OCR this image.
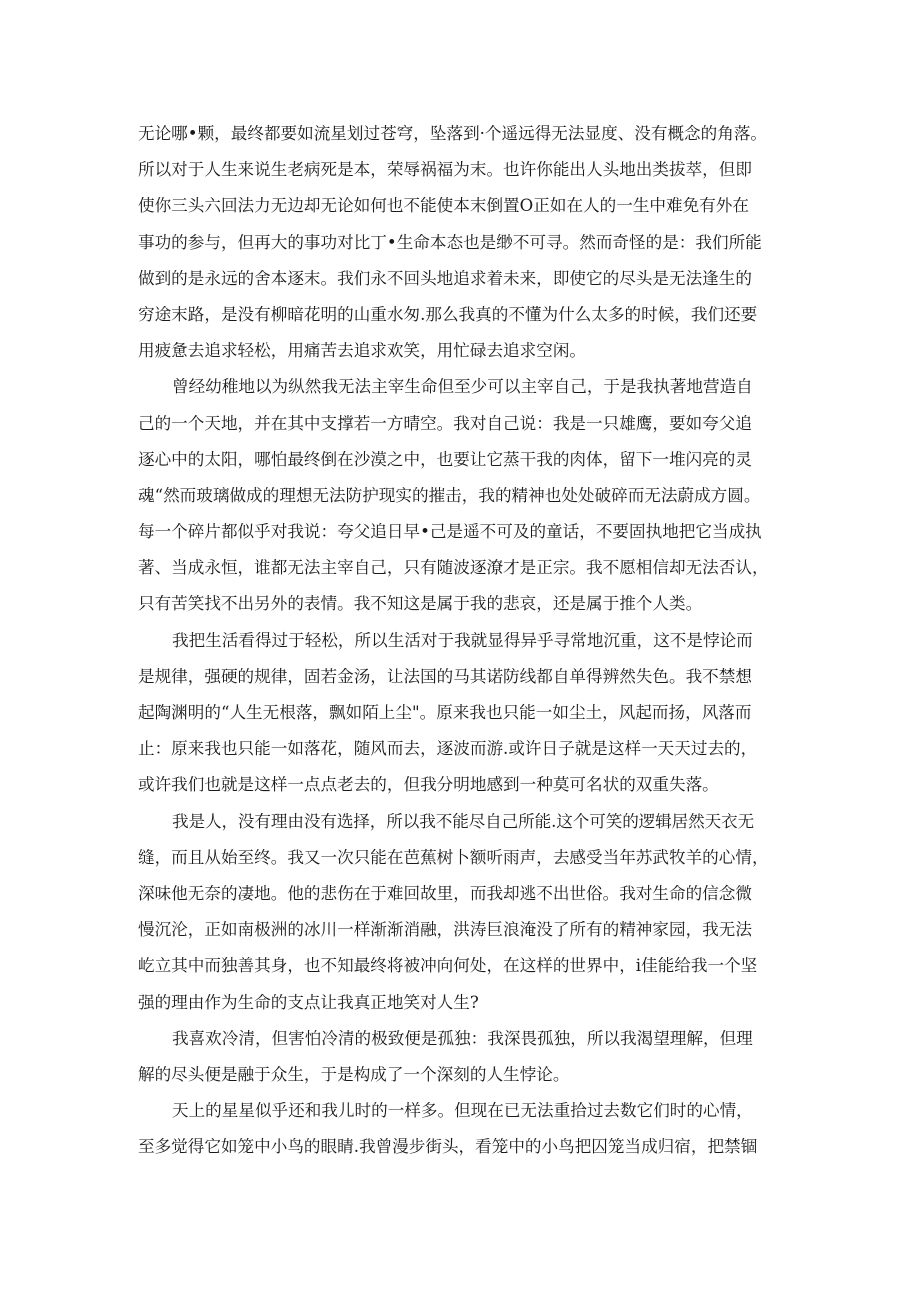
无论哪•颗，最终都要如流星划过苍穹，坠落到·个遥远得无法显度、没有概念的角落。
所以对于人生来说生老病死是本，荣辱祸福为末。也许你能出人头地出类拔萃，但即
使你三头六回法力无边却无论如何也不能使本末倒置O正如在人的一生中难免有外在
事功的参与，但再大的事功对比丁•生命本态也是缈不可寻。然而奇怪的是：我们所能
做到的是永远的舍本逐末。我们永不回头地追求着未来，即使它的尽头是无法逢生的
穷途末路，是没有柳暗花明的山重水匆.那么我真的不懂为什么太多的时候，我们还要
用疲惫去追求轻松，用痛苦去追求欢笑，用忙碌去追求空闲。
曾经幼稚地以为纵然我无法主宰生命但至少可以主宰自己，于是我执著地营造自
己的一个天地，并在其中支撑若一方晴空。我对自己说：我是一只雄鹰，要如夸父追
逐心中的太阳，哪怕最终倒在沙漠之中，也要让它蒸干我的肉体，留下一堆闪亮的灵
魂“然而玻璃做成的理想无法防护现实的摧击，我的精神也处处破碎而无法蔚成方圆。
每一个碎片都似乎对我说：夸父追日早•己是遥不可及的童话，不要固执地把它当成执
著、当成永恒，谁都无法主宰自己，只有随波逐潦才是正宗。我不愿相信却无法否认，
只有苦笑找不出另外的表情。我不知这是属于我的悲哀，还是属于推个人类。
我把生活看得过于轻松，所以生活对于我就显得异乎寻常地沉重，这不是悖论而
是规律，强硬的规律，固若金汤，让法国的马其诺防线都自单得辨然失色。我不禁想
起陶渊明的“人生无根落，飘如陌上尘"。原来我也只能一如尘土，风起而扬，风落而
止：原来我也只能一如落花，随风而去，逐波而游.或许日子就是这样一天天过去的，
或许我们也就是这样一点点老去的，但我分明地感到一种莫可名状的双重失落。
我是人，没有理由没有选择，所以我不能尽自己所能.这个可笑的逻辑居然天衣无
缝，而且从始至终。我又一次只能在芭蕉树卜额听雨声，去感受当年苏武牧羊的心情，
深味他无奈的凄地。他的悲伤在于难回故里，而我却逃不出世俗。我对生命的信念微
慢沉沦，正如南极洲的冰川一样渐渐消融，洪涛巨浪淹没了所有的精神家园，我无法
屹立其中而独善其身，也不知最终将被冲向何处，在这样的世界中，i佳能给我一个坚
强的理由作为生命的支点让我真正地笑对人生?
我喜欢冷清，但害怕冷清的极致便是孤独：我深畏孤独，所以我渴望理解，但理
解的尽头便是融于众生，于是构成了一个深刻的人生悖论。
天上的星星似乎还和我儿时的一样多。但现在已无法重拾过去数它们时的心情，
至多觉得它如笼中小鸟的眼睛.我曾漫步街头，看笼中的小鸟把囚笼当成归宿，把禁锢
